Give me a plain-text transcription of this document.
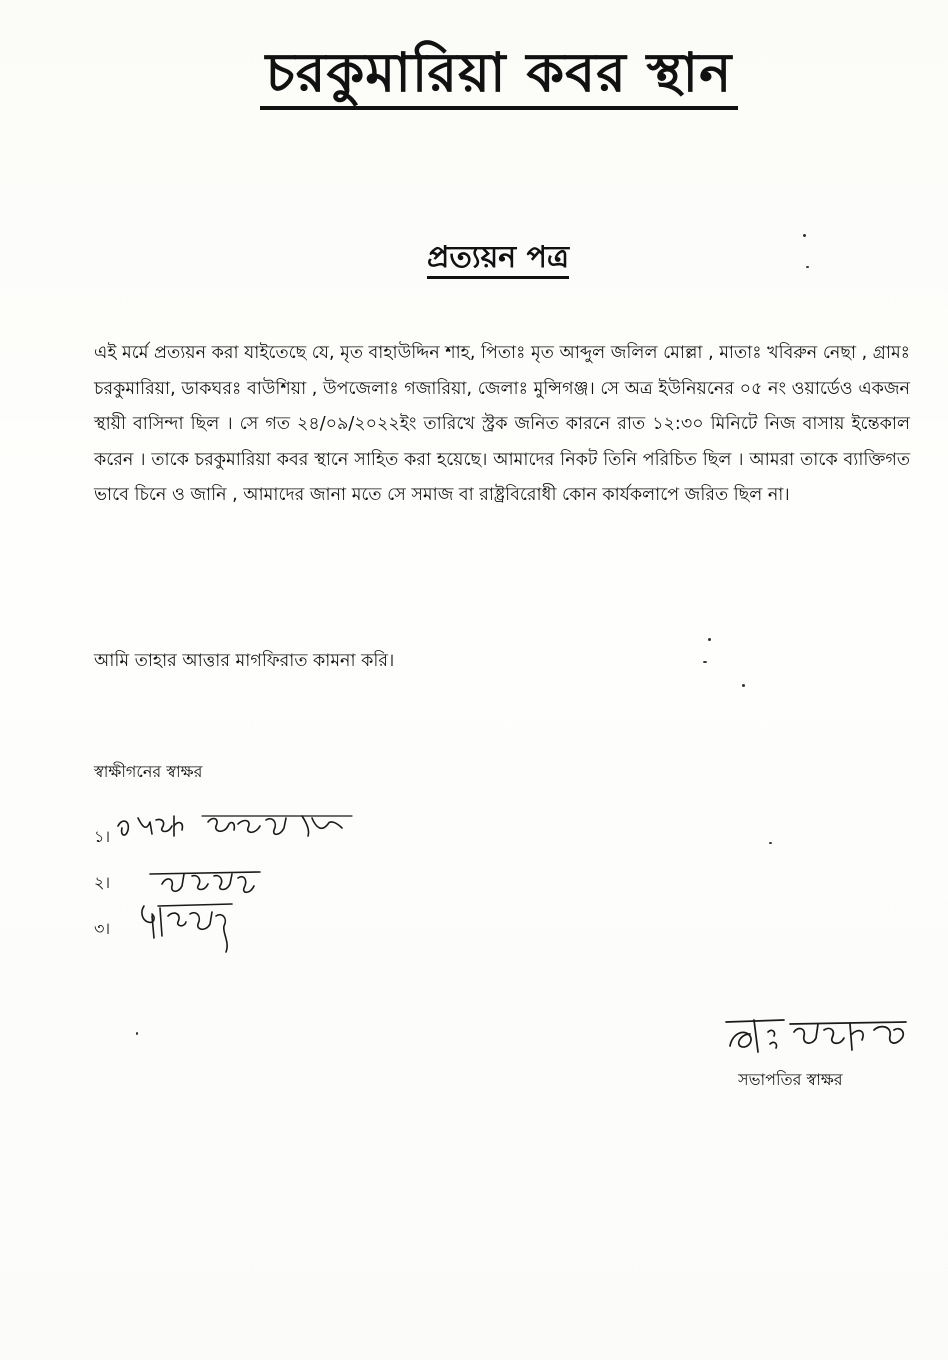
চরকুমারিয়া কবর স্থান
প্রত্যয়ন পত্র
এই মর্মে প্রত্যয়ন করা যাইতেছে যে, মৃত বাহাউদ্দিন শাহ, পিতাঃ মৃত আব্দুল জলিল মোল্লা , মাতাঃ খবিরুন নেছা , গ্রামঃ চরকুমারিয়া, ডাকঘরঃ বাউশিয়া , উপজেলাঃ গজারিয়া, জেলাঃ মুন্সিগঞ্জ। সে অত্র ইউনিয়নের ০৫ নং ওয়ার্ডেও একজন স্থায়ী বাসিন্দা ছিল । সে গত ২৪/০৯/২০২২ইং তারিখে স্ট্রক জনিত কারনে রাত ১২:৩০ মিনিটে নিজ বাসায় ইন্তেকাল করেন । তাকে চরকুমারিয়া কবর স্থানে সাহিত করা হয়েছে। আমাদের নিকট তিনি পরিচিত ছিল । আমরা তাকে ব্যাক্তিগত ভাবে চিনে ও জানি , আমাদের জানা মতে সে সমাজ বা রাষ্ট্রবিরোধী কোন কার্যকলাপে জরিত ছিল না।
আমি তাহার আত্তার মাগফিরাত কামনা করি।
স্বাক্ষীগনের স্বাক্ষর
১।
২।
৩।
সভাপতির স্বাক্ষর
